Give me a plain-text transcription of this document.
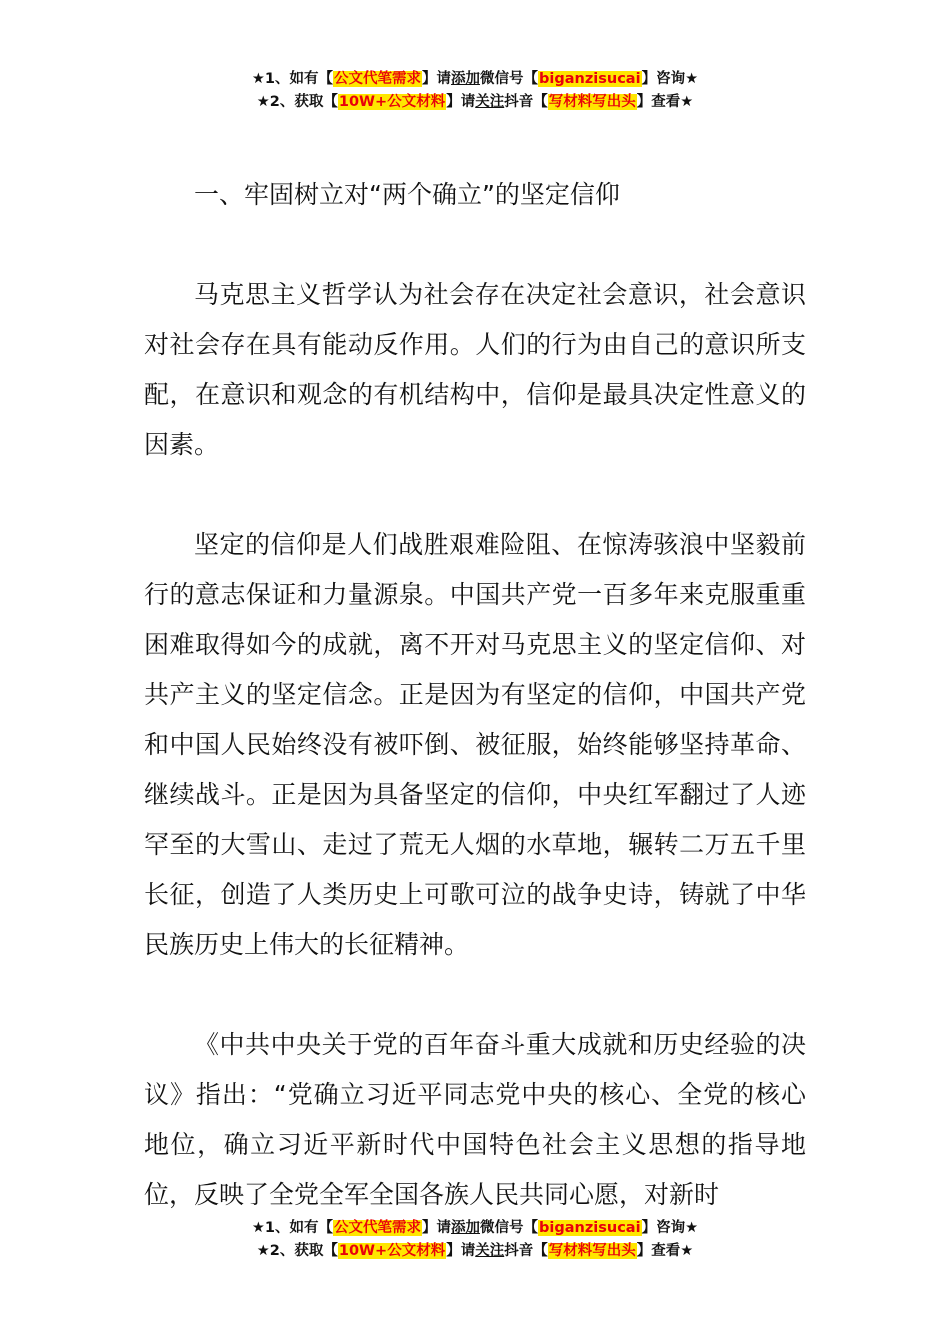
★1、如有【公文代笔需求】请添加微信号【biganzisucai】咨询★
★2、获取【10W+公文材料】请关注抖音【写材料写出头】查看★

一、牢固树立对“两个确立”的坚定信仰

马克思主义哲学认为社会存在决定社会意识，社会意识对社会存在具有能动反作用。人们的行为由自己的意识所支配，在意识和观念的有机结构中，信仰是最具决定性意义的因素。

坚定的信仰是人们战胜艰难险阻、在惊涛骇浪中坚毅前行的意志保证和力量源泉。中国共产党一百多年来克服重重困难取得如今的成就，离不开对马克思主义的坚定信仰、对共产主义的坚定信念。正是因为有坚定的信仰，中国共产党和中国人民始终没有被吓倒、被征服，始终能够坚持革命、继续战斗。正是因为具备坚定的信仰，中央红军翻过了人迹罕至的大雪山、走过了荒无人烟的水草地，辗转二万五千里长征，创造了人类历史上可歌可泣的战争史诗，铸就了中华民族历史上伟大的长征精神。

《中共中央关于党的百年奋斗重大成就和历史经验的决议》指出：“党确立习近平同志党中央的核心、全党的核心地位，确立习近平新时代中国特色社会主义思想的指导地位，反映了全党全军全国各族人民共同心愿，对新时

★1、如有【公文代笔需求】请添加微信号【biganzisucai】咨询★
★2、获取【10W+公文材料】请关注抖音【写材料写出头】查看★
